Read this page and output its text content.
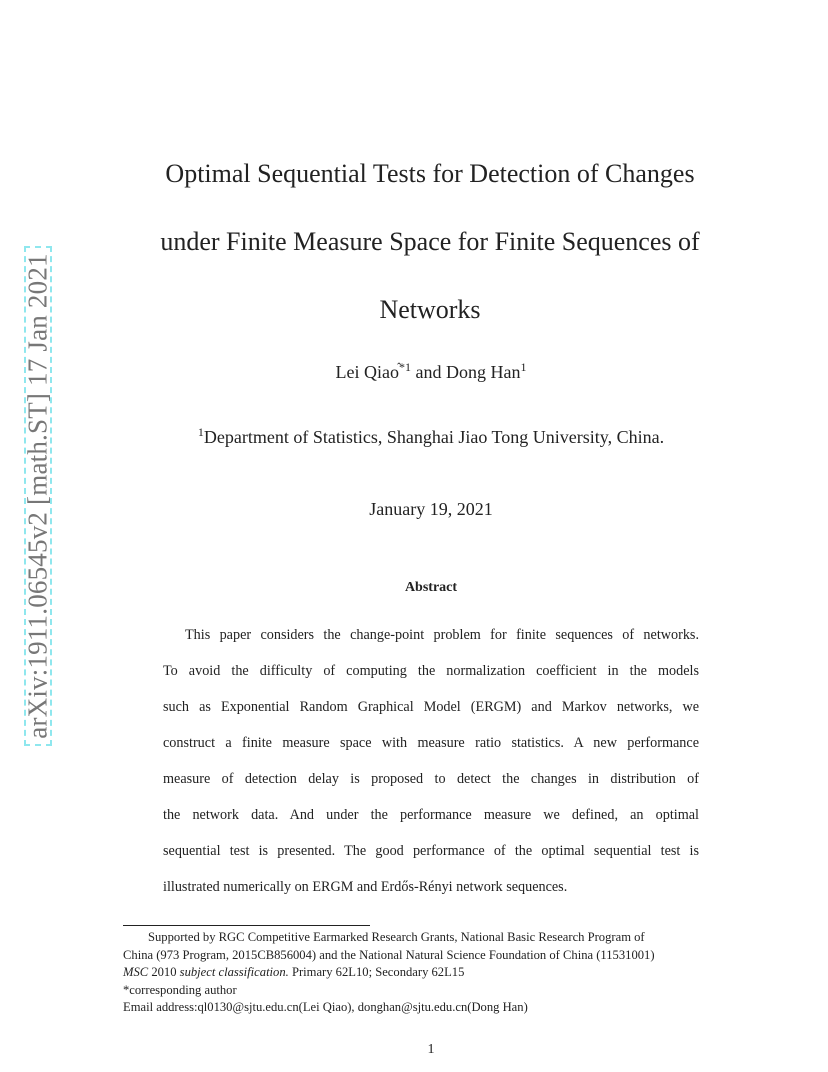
arXiv:1911.06545v2 [math.ST] 17 Jan 2021
Optimal Sequential Tests for Detection of Changes
under Finite Measure Space for Finite Sequences of
Networks
Lei Qiao$^{̂*1}$ and Dong Han$^1$
$^1$Department of Statistics, Shanghai Jiao Tong University, China.
January 19, 2021
Abstract
This paper considers the change-point problem for finite sequences of networks.
To avoid the difficulty of computing the normalization coefficient in the models
such as Exponential Random Graphical Model (ERGM) and Markov networks, we
construct a finite measure space with measure ratio statistics. A new performance
measure of detection delay is proposed to detect the changes in distribution of
the network data. And under the performance measure we defined, an optimal
sequential test is presented. The good performance of the optimal sequential test is
illustrated numerically on ERGM and Erdős-Rényi network sequences.
Supported by RGC Competitive Earmarked Research Grants, National Basic Research Program of
China (973 Program, 2015CB856004) and the National Natural Science Foundation of China (11531001)
MSC 2010 subject classification. Primary 62L10; Secondary 62L15
*corresponding author
Email address:ql0130@sjtu.edu.cn(Lei Qiao), donghan@sjtu.edu.cn(Dong Han)
1
